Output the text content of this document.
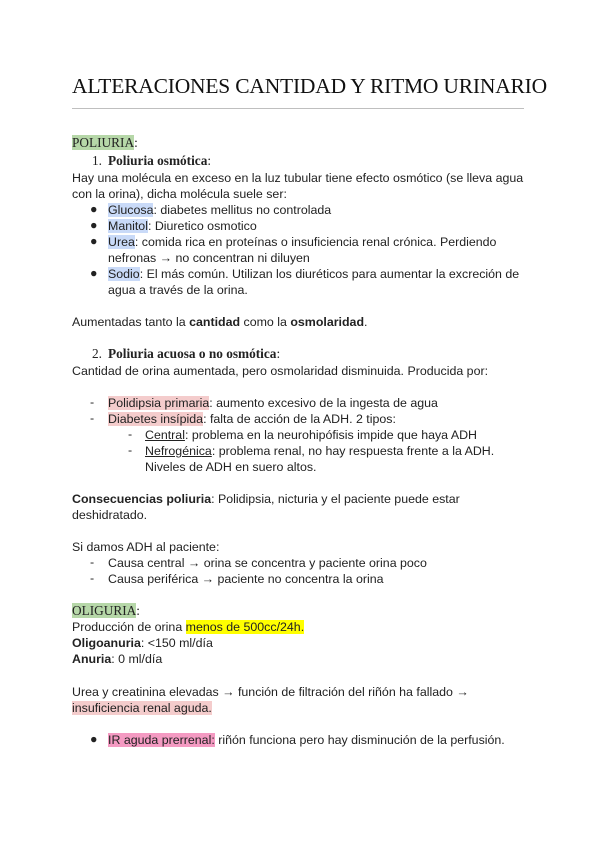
ALTERACIONES CANTIDAD Y RITMO URINARIO
POLIURIA:
1. Poliuria osmótica:
Hay una molécula en exceso en la luz tubular tiene efecto osmótico (se lleva agua
con la orina), dicha molécula suele ser:
● Glucosa: diabetes mellitus no controlada
● Manitol: Diuretico osmotico
● Urea: comida rica en proteínas o insuficiencia renal crónica. Perdiendo
nefronas → no concentran ni diluyen
● Sodio: El más común. Utilizan los diuréticos para aumentar la excreción de
agua a través de la orina.
Aumentadas tanto la cantidad como la osmolaridad.
2. Poliuria acuosa o no osmótica:
Cantidad de orina aumentada, pero osmolaridad disminuida. Producida por:
- Polidipsia primaria: aumento excesivo de la ingesta de agua
- Diabetes insípida: falta de acción de la ADH. 2 tipos:
- Central: problema en la neurohipófisis impide que haya ADH
- Nefrogénica: problema renal, no hay respuesta frente a la ADH.
Niveles de ADH en suero altos.
Consecuencias poliuria: Polidipsia, nicturia y el paciente puede estar
deshidratado.
Si damos ADH al paciente:
- Causa central → orina se concentra y paciente orina poco
- Causa periférica → paciente no concentra la orina
OLIGURIA:
Producción de orina menos de 500cc/24h.
Oligoanuria: <150 ml/día
Anuria: 0 ml/día
Urea y creatinina elevadas → función de filtración del riñón ha fallado →
insuficiencia renal aguda.
● IR aguda prerrenal: riñón funciona pero hay disminución de la perfusión.
